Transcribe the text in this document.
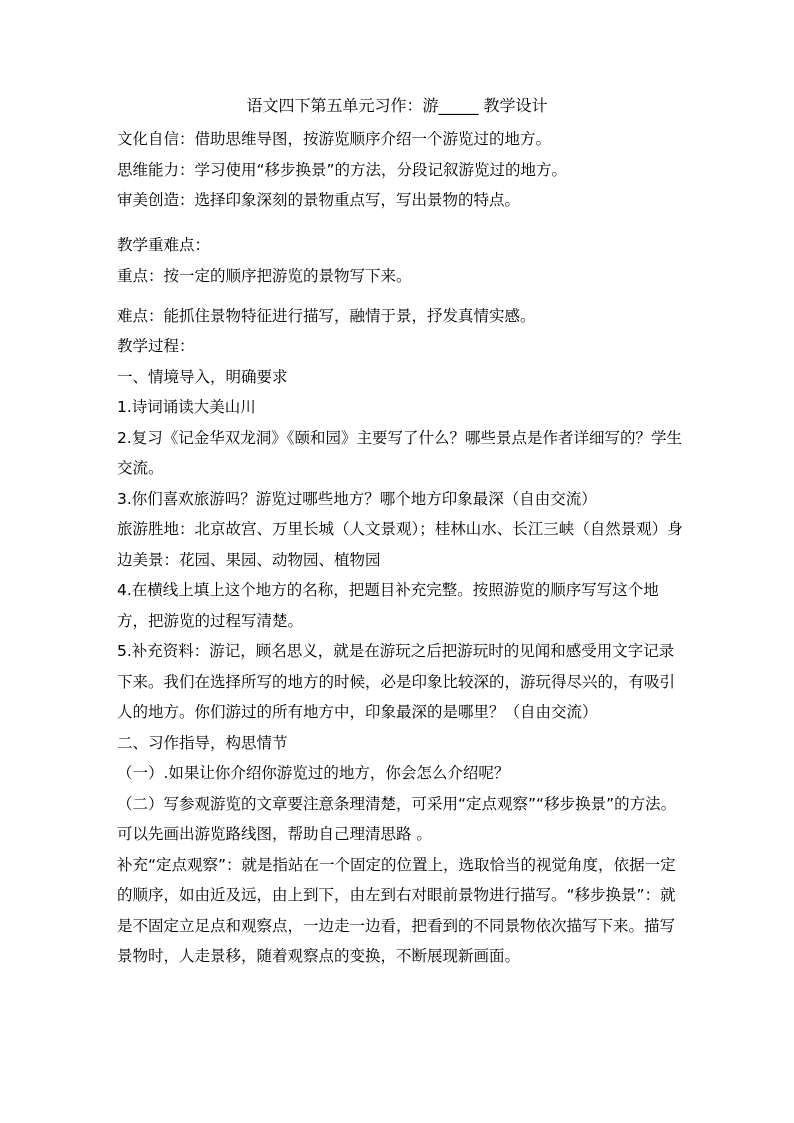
语文四下第五单元习作：游_____ 教学设计

文化自信：借助思维导图，按游览顺序介绍一个游览过的地方。

思维能力：学习使用“移步换景”的方法，分段记叙游览过的地方。

审美创造：选择印象深刻的景物重点写，写出景物的特点。

教学重难点：

重点：按一定的顺序把游览的景物写下来。

难点：能抓住景物特征进行描写，融情于景，抒发真情实感。

教学过程：

一、情境导入，明确要求

1.诗词诵读大美山川

2.复习《记金华双龙洞》《颐和园》主要写了什么？哪些景点是作者详细写的？学生交流。

3.你们喜欢旅游吗？游览过哪些地方？哪个地方印象最深（自由交流）

旅游胜地：北京故宫、万里长城（人文景观）；桂林山水、长江三峡（自然景观）身边美景：花园、果园、动物园、植物园

4.在横线上填上这个地方的名称，把题目补充完整。按照游览的顺序写写这个地方，把游览的过程写清楚。

5.补充资料：游记，顾名思义，就是在游玩之后把游玩时的见闻和感受用文字记录下来。我们在选择所写的地方的时候，必是印象比较深的，游玩得尽兴的，有吸引人的地方。你们游过的所有地方中，印象最深的是哪里？（自由交流）

二、习作指导，构思情节

（一）.如果让你介绍你游览过的地方，你会怎么介绍呢？

（二）写参观游览的文章要注意条理清楚，可采用“定点观察”“移步换景”的方法。可以先画出游览路线图，帮助自己理清思路 。

补充“定点观察”：就是指站在一个固定的位置上，选取恰当的视觉角度，依据一定的顺序，如由近及远，由上到下，由左到右对眼前景物进行描写。“移步换景”：就是不固定立足点和观察点，一边走一边看，把看到的不同景物依次描写下来。描写景物时，人走景移，随着观察点的变换，不断展现新画面。
